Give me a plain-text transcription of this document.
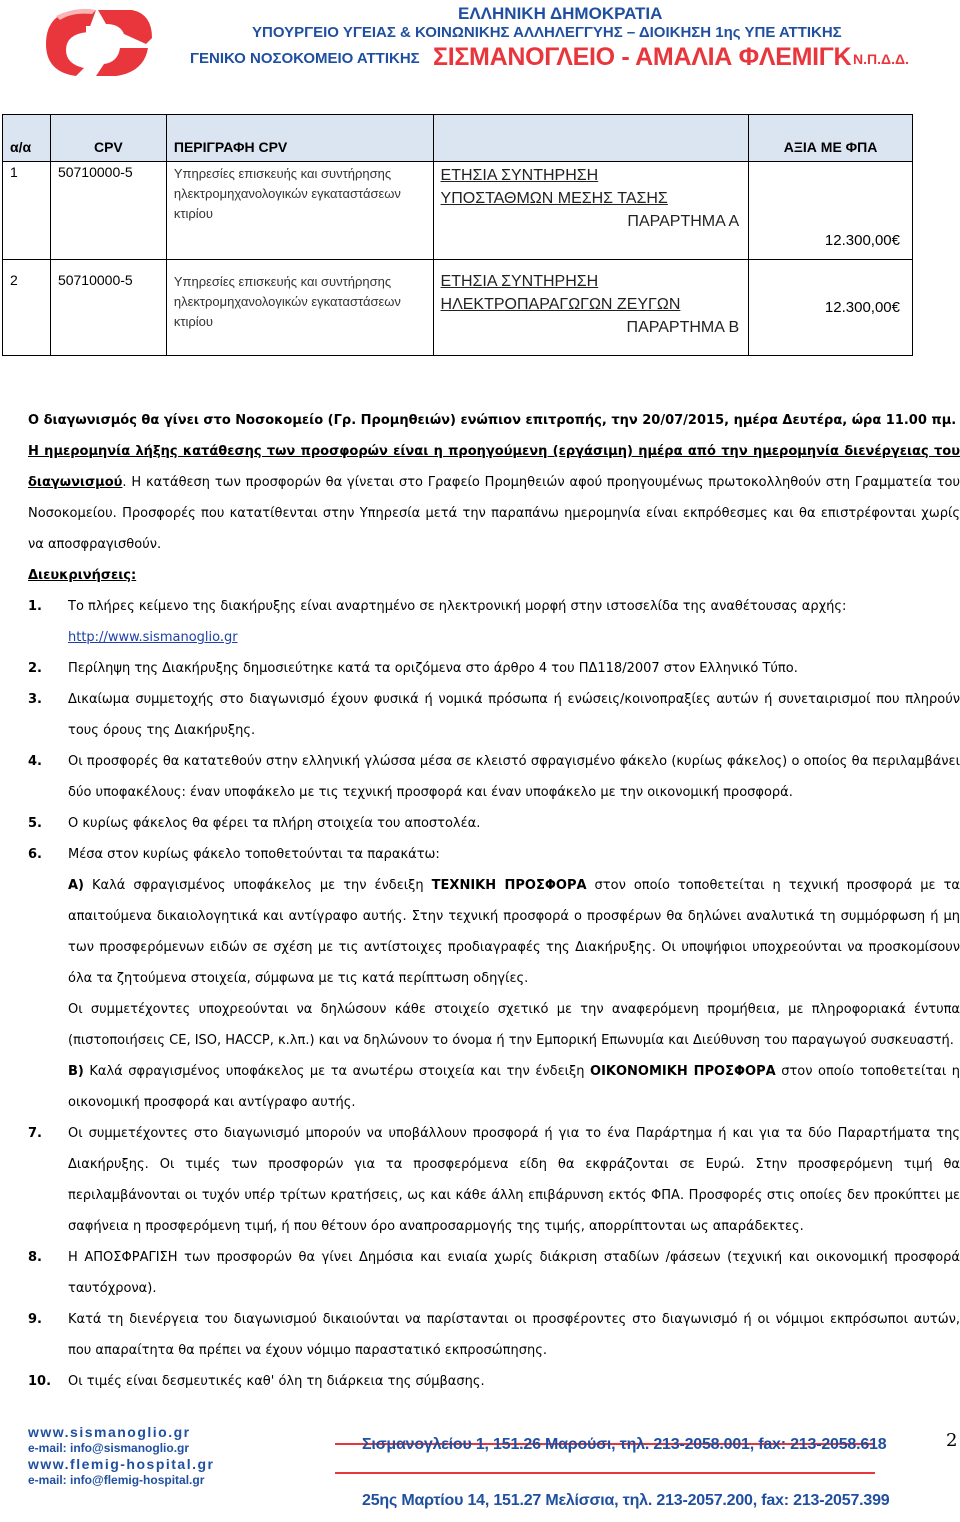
ΕΛΛΗΝΙΚΗ ΔΗΜΟΚΡΑΤΙΑ
ΥΠΟΥΡΓΕΙΟ ΥΓΕΙΑΣ & ΚΟΙΝΩΝΙΚΗΣ ΑΛΛΗΛΕΓΓΥΗΣ – ΔΙΟΙΚΗΣΗ 1ης ΥΠΕ ΑΤΤΙΚΗΣ
ΓΕΝΙΚΟ ΝΟΣΟΚΟΜΕΙΟ ΑΤΤΙΚΗΣ ΣΙΣΜΑΝΟΓΛΕΙΟ - ΑΜΑΛΙΑ ΦΛΕΜΙΓΚ Ν.Π.Δ.Δ.
α/α	CPV	ΠΕΡΙΓΡΑΦΗ CPV		ΑΞΙΑ ΜΕ ΦΠΑ
1	50710000-5	Υπηρεσίες επισκευής και συντήρησης ηλεκτρομηχανολογικών εγκαταστάσεων κτιρίου	ΕΤΗΣΙΑ ΣΥΝΤΗΡΗΣΗ
ΥΠΟΣΤΑΘΜΩΝ ΜΕΣΗΣ ΤΑΣΗΣ
ΠΑΡΑΡΤΗΜΑ Α	12.300,00€
2	50710000-5	Υπηρεσίες επισκευής και συντήρησης ηλεκτρομηχανολογικών εγκαταστάσεων κτιρίου	ΕΤΗΣΙΑ ΣΥΝΤΗΡΗΣΗ
ΗΛΕΚΤΡΟΠΑΡΑΓΩΓΩΝ ΖΕΥΓΩΝ
ΠΑΡΑΡΤΗΜΑ Β	12.300,00€

Ο διαγωνισμός θα γίνει στο Νοσοκομείο (Γρ. Προμηθειών) ενώπιον επιτροπής, την 20/07/2015, ημέρα Δευτέρα, ώρα 11.00 πμ.

Η ημερομηνία λήξης κατάθεσης των προσφορών είναι η προηγούμενη (εργάσιμη) ημέρα από την ημερομηνία διενέργειας του διαγωνισμού. Η κατάθεση των προσφορών θα γίνεται στο Γραφείο Προμηθειών αφού προηγουμένως πρωτοκολληθούν στη Γραμματεία του Νοσοκομείου. Προσφορές που κατατίθενται στην Υπηρεσία μετά την παραπάνω ημερομηνία είναι εκπρόθεσμες και θα επιστρέφονται χωρίς να αποσφραγισθούν.

Διευκρινήσεις:

1. Το πλήρες κείμενο της διακήρυξης είναι αναρτημένο σε ηλεκτρονική μορφή στην ιστοσελίδα της αναθέτουσας αρχής:
http://www.sismanoglio.gr
2. Περίληψη της Διακήρυξης δημοσιεύτηκε κατά τα οριζόμενα στο άρθρο 4 του ΠΔ118/2007 στον Ελληνικό Τύπο.
3. Δικαίωμα συμμετοχής στο διαγωνισμό έχουν φυσικά ή νομικά πρόσωπα ή ενώσεις/κοινοπραξίες αυτών ή συνεταιρισμοί που πληρούν τους όρους της Διακήρυξης.
4. Οι προσφορές θα κατατεθούν στην ελληνική γλώσσα μέσα σε κλειστό σφραγισμένο φάκελο (κυρίως φάκελος) ο οποίος θα περιλαμβάνει δύο υποφακέλους: έναν υποφάκελο με τις τεχνική προσφορά και έναν υποφάκελο με την οικονομική προσφορά.
5. Ο κυρίως φάκελος θα φέρει τα πλήρη στοιχεία του αποστολέα.
6. Μέσα στον κυρίως φάκελο τοποθετούνται τα παρακάτω:
Α) Καλά σφραγισμένος υποφάκελος με την ένδειξη ΤΕΧΝΙΚΗ ΠΡΟΣΦΟΡΑ στον οποίο τοποθετείται η τεχνική προσφορά με τα απαιτούμενα δικαιολογητικά και αντίγραφο αυτής. Στην τεχνική προσφορά ο προσφέρων θα δηλώνει αναλυτικά τη συμμόρφωση ή μη των προσφερόμενων ειδών σε σχέση με τις αντίστοιχες προδιαγραφές της Διακήρυξης. Οι υποψήφιοι υποχρεούνται να προσκομίσουν όλα τα ζητούμενα στοιχεία, σύμφωνα με τις κατά περίπτωση οδηγίες.
Οι συμμετέχοντες υποχρεούνται να δηλώσουν κάθε στοιχείο σχετικό με την αναφερόμενη προμήθεια, με πληροφοριακά έντυπα (πιστοποιήσεις CE, ISO, HACCP, κ.λπ.) και να δηλώνουν το όνομα ή την Εμπορική Επωνυμία και Διεύθυνση του παραγωγού συσκευαστή.
Β) Καλά σφραγισμένος υποφάκελος με τα ανωτέρω στοιχεία και την ένδειξη ΟΙΚΟΝΟΜΙΚΗ ΠΡΟΣΦΟΡΑ στον οποίο τοποθετείται η οικονομική προσφορά και αντίγραφο αυτής.
7. Οι συμμετέχοντες στο διαγωνισμό μπορούν να υποβάλλουν προσφορά ή για το ένα Παράρτημα ή και για τα δύο Παραρτήματα της Διακήρυξης. Οι τιμές των προσφορών για τα προσφερόμενα είδη θα εκφράζονται σε Ευρώ. Στην προσφερόμενη τιμή θα περιλαμβάνονται οι τυχόν υπέρ τρίτων κρατήσεις, ως και κάθε άλλη επιβάρυνση εκτός ΦΠΑ. Προσφορές στις οποίες δεν προκύπτει με σαφήνεια η προσφερόμενη τιμή, ή που θέτουν όρο αναπροσαρμογής της τιμής, απορρίπτονται ως απαράδεκτες.
8. Η ΑΠΟΣΦΡΑΓΙΣΗ των προσφορών θα γίνει Δημόσια και ενιαία χωρίς διάκριση σταδίων /φάσεων (τεχνική και οικονομική προσφορά ταυτόχρονα).
9. Κατά τη διενέργεια του διαγωνισμού δικαιούνται να παρίστανται οι προσφέροντες στο διαγωνισμό ή οι νόμιμοι εκπρόσωποι αυτών, που απαραίτητα θα πρέπει να έχουν νόμιμο παραστατικό εκπροσώπησης.
10. Οι τιμές είναι δεσμευτικές καθ' όλη τη διάρκεια της σύμβασης.
www.sismanoglio.gr
e-mail: info@sismanoglio.gr
www.flemig-hospital.gr
e-mail: info@flemig-hospital.gr
Σισμανογλείου 1, 151.26 Μαρούσι, τηλ. 213-2058.001, fax: 213-2058.618
25ης Μαρτίου 14, 151.27 Μελίσσια, τηλ. 213-2057.200, fax: 213-2057.399
2
